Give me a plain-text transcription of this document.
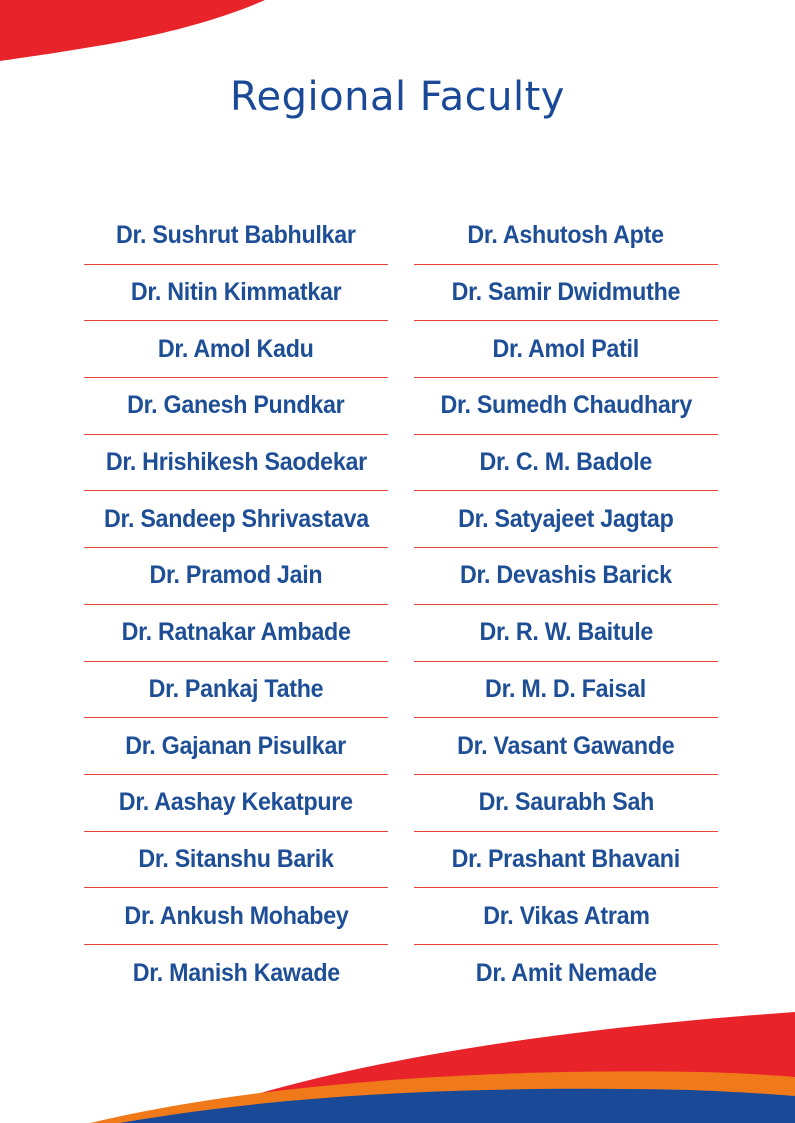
Regional Faculty
Dr. Sushrut Babhulkar
Dr. Nitin Kimmatkar
Dr. Amol Kadu
Dr. Ganesh Pundkar
Dr. Hrishikesh Saodekar
Dr. Sandeep Shrivastava
Dr. Pramod Jain
Dr. Ratnakar Ambade
Dr. Pankaj Tathe
Dr. Gajanan Pisulkar
Dr. Aashay Kekatpure
Dr. Sitanshu Barik
Dr. Ankush Mohabey
Dr. Manish Kawade
Dr. Ashutosh Apte
Dr. Samir Dwidmuthe
Dr. Amol Patil
Dr. Sumedh Chaudhary
Dr. C. M. Badole
Dr. Satyajeet Jagtap
Dr. Devashis Barick
Dr. R. W. Baitule
Dr. M. D. Faisal
Dr. Vasant Gawande
Dr. Saurabh Sah
Dr. Prashant Bhavani
Dr. Vikas Atram
Dr. Amit Nemade
